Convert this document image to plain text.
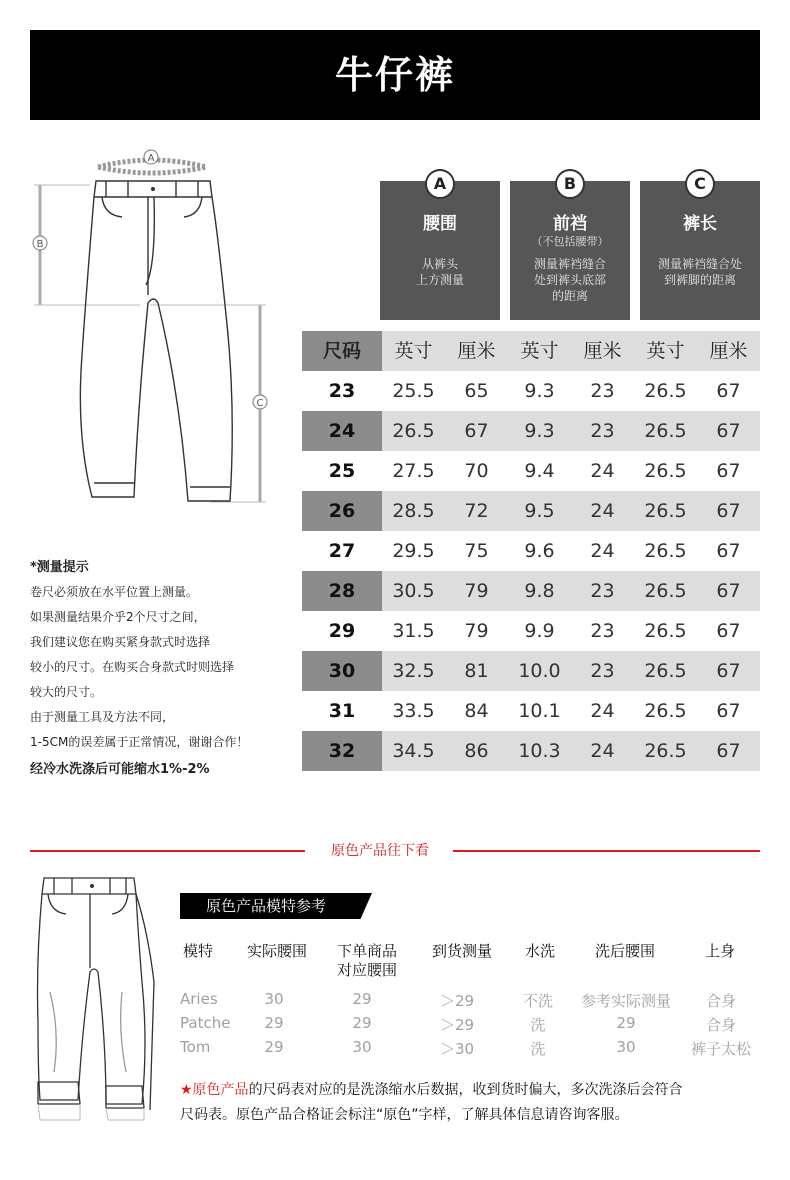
牛仔裤
A
B
C
A
腰围
从裤头
上方测量
B
前裆
（不包括腰带）
测量裤裆缝合
处到裤头底部
的距离
C
裤长
测量裤裆缝合处
到裤脚的距离
尺码	英寸	厘米	英寸	厘米	英寸	厘米
23	25.5	65	9.3	23	26.5	67
24	26.5	67	9.3	23	26.5	67
25	27.5	70	9.4	24	26.5	67
26	28.5	72	9.5	24	26.5	67
27	29.5	75	9.6	24	26.5	67
28	30.5	79	9.8	23	26.5	67
29	31.5	79	9.9	23	26.5	67
30	32.5	81	10.0	23	26.5	67
31	33.5	84	10.1	24	26.5	67
32	34.5	86	10.3	24	26.5	67
*测量提示
卷尺必须放在水平位置上测量。
如果测量结果介乎2个尺寸之间，
我们建议您在购买紧身款式时选择
较小的尺寸。在购买合身款式时则选择
较大的尺寸。
由于测量工具及方法不同，
1-5CM的误差属于正常情况，谢谢合作！
经冷水洗涤后可能缩水1%-2%
原色产品往下看
原色产品模特参考
模特	实际腰围	下单商品
对应腰围
到货测量	水洗	洗后腰围	上身
Aries	30	29	＞29	不洗	参考实际测量	合身
Patche	29	29	＞29	洗	29	合身
Tom	29	30	＞30	洗	30	裤子太松
★原色产品的尺码表对应的是洗涤缩水后数据，收到货时偏大，多次洗涤后会符合
尺码表。原色产品合格证会标注“原色”字样，了解具体信息请咨询客服。
